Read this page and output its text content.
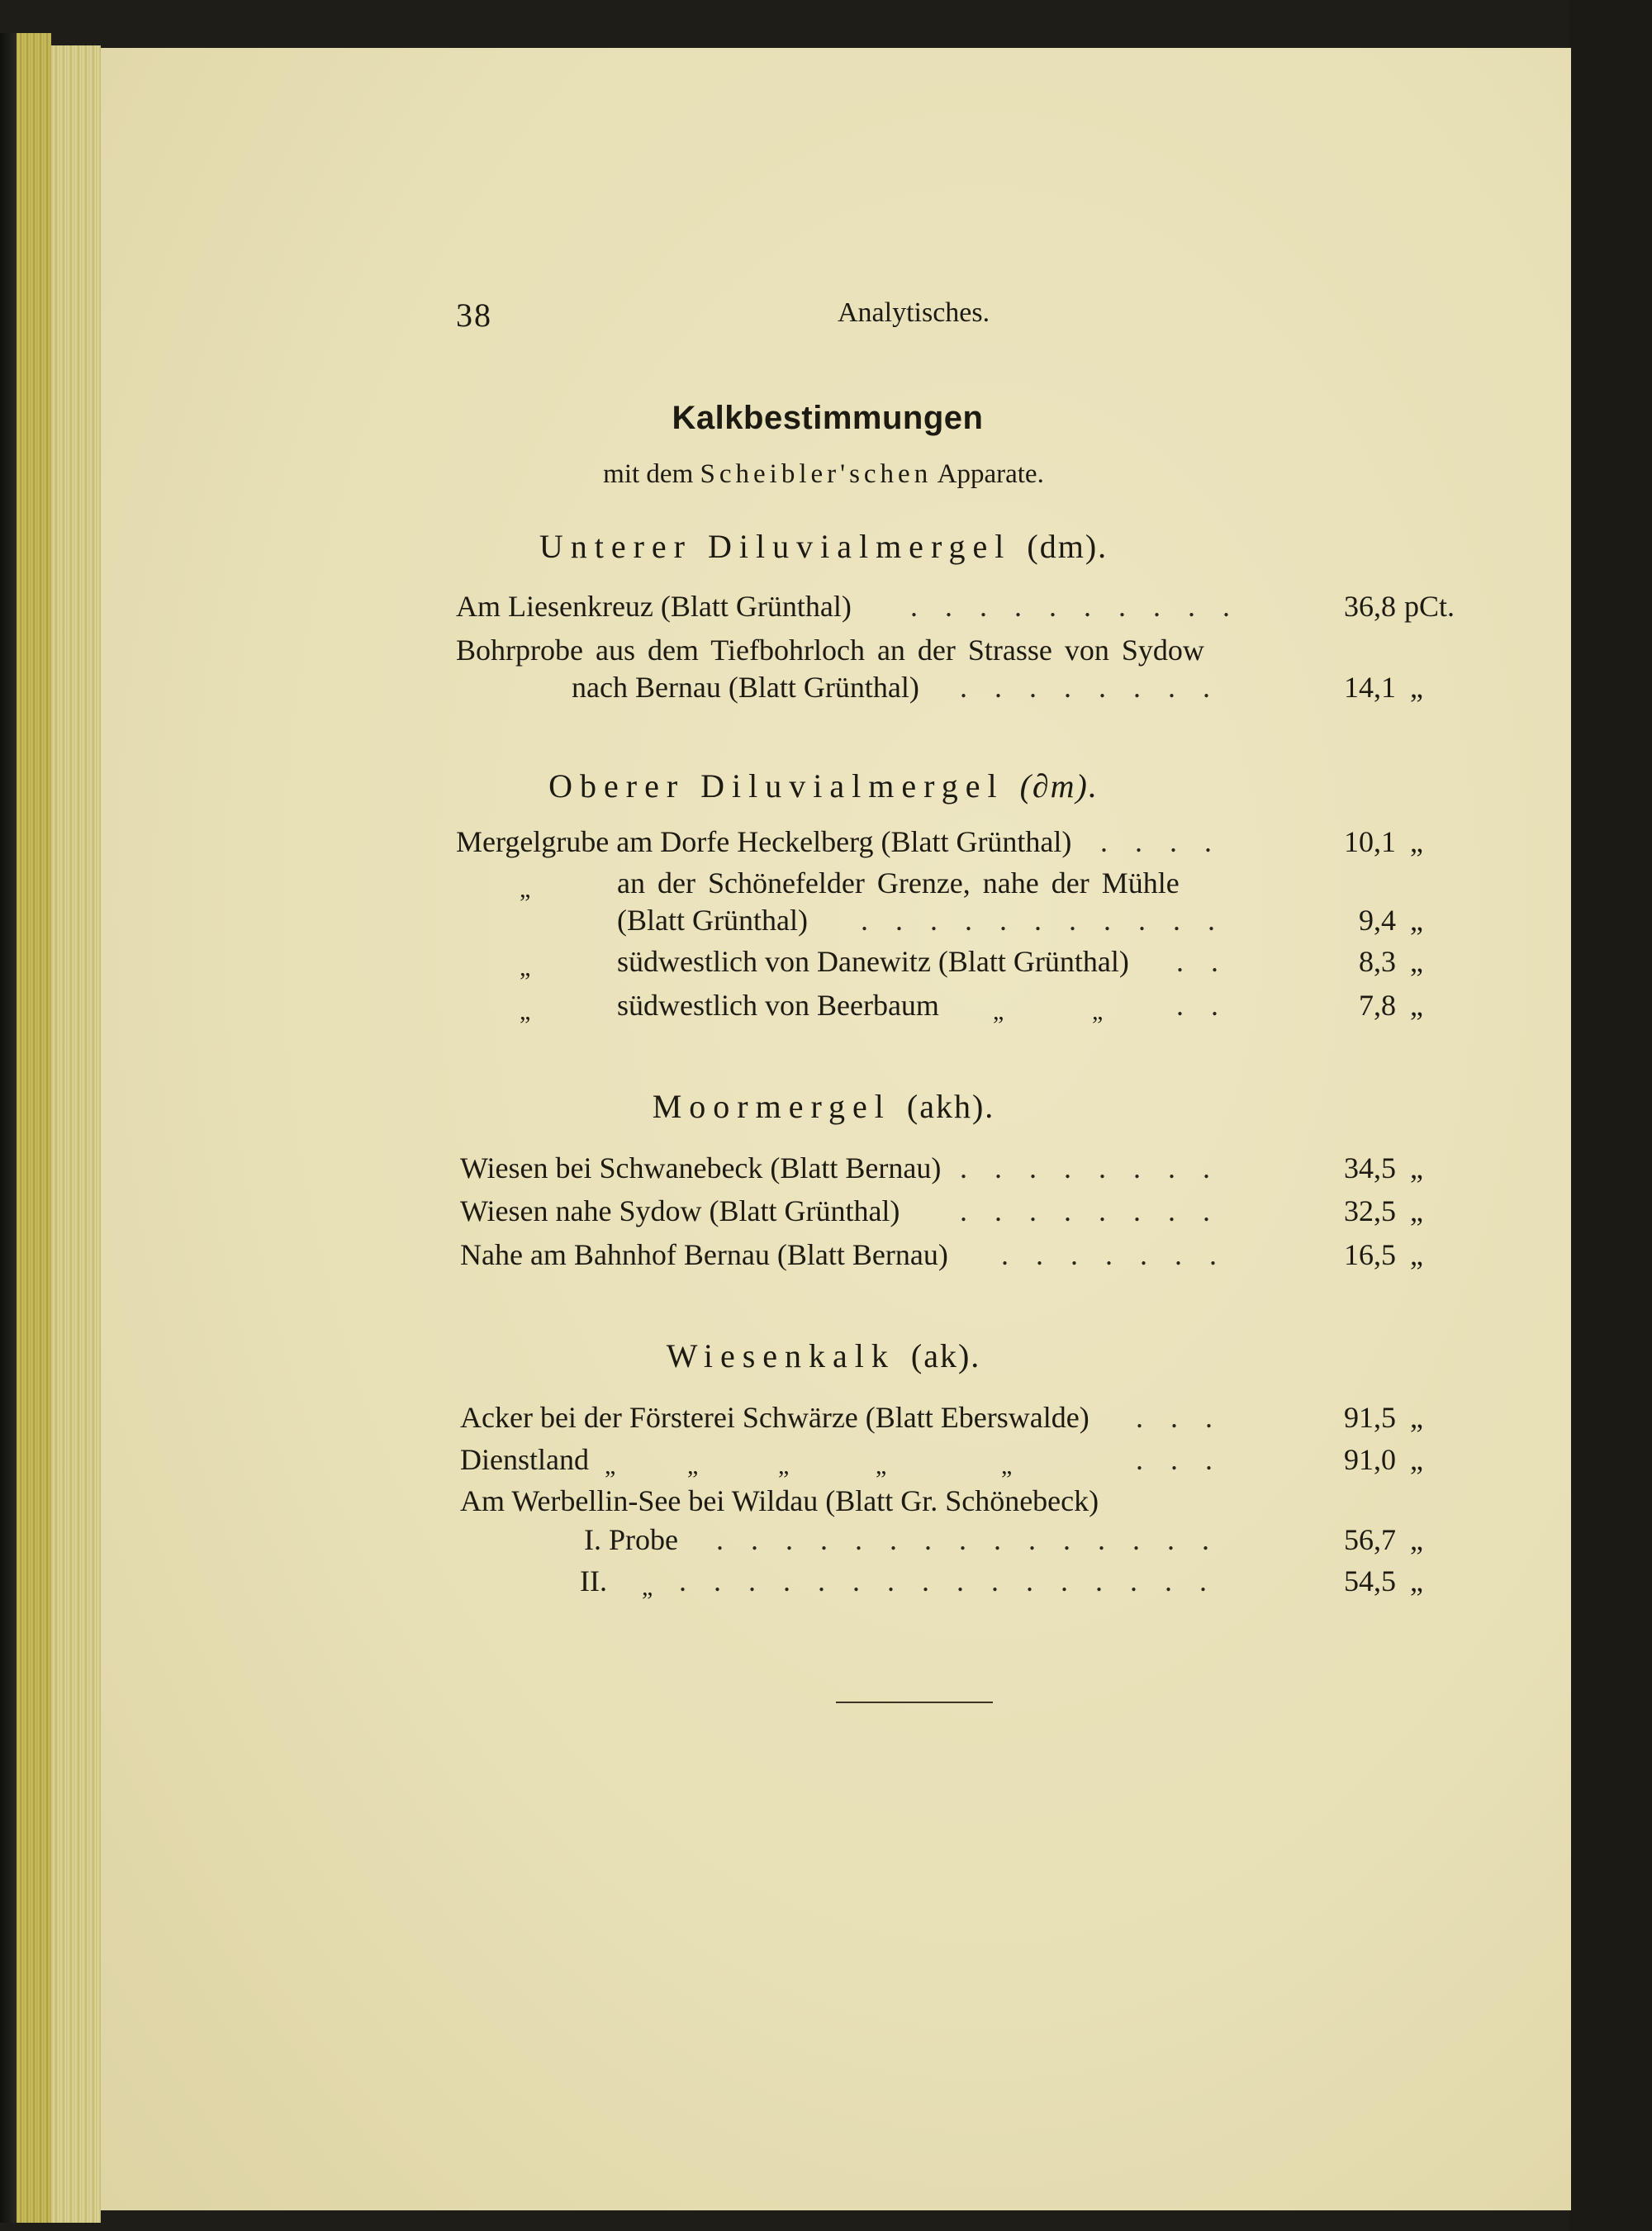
38	Analytisches.
Kalkbestimmungen
mit dem Scheibler'schen Apparate.
Unterer Diluvialmergel (dm).
Am Liesenkreuz (Blatt Grünthal) . . . . . . . . . .	36,8 pCt.
Bohrprobe aus dem Tiefbohrloch an der Strasse von Sydow
nach Bernau (Blatt Grünthal) . . . . . . . .	14,1 „
Oberer Diluvialmergel (∂m).
Mergelgrube am Dorfe Heckelberg (Blatt Grünthal) . . . .	10,1 „
„	an der Schönefelder Grenze, nahe der Mühle
(Blatt Grünthal) . . . . . . . . . . .	9,4 „
„	südwestlich von Danewitz (Blatt Grünthal) . .	8,3 „
„	südwestlich von Beerbaum „	„ . .	7,8 „
Moormergel (akh).
Wiesen bei Schwanebeck (Blatt Bernau) . . . . . . . .	34,5 „
Wiesen nahe Sydow (Blatt Grünthal) . . . . . . . .	32,5 „
Nahe am Bahnhof Bernau (Blatt Bernau) . . . . . . .	16,5 „
Wiesenkalk (ak).
Acker bei der Försterei Schwärze (Blatt Eberswalde) . . .	91,5 „
Dienstland „	„	„	„	„	. . .	91,0 „
Am Werbellin-See bei Wildau (Blatt Gr. Schönebeck)
I. Probe . . . . . . . . . . . . . . .	56,7 „
II. „ . . . . . . . . . . . . . . . .	54,5 „
